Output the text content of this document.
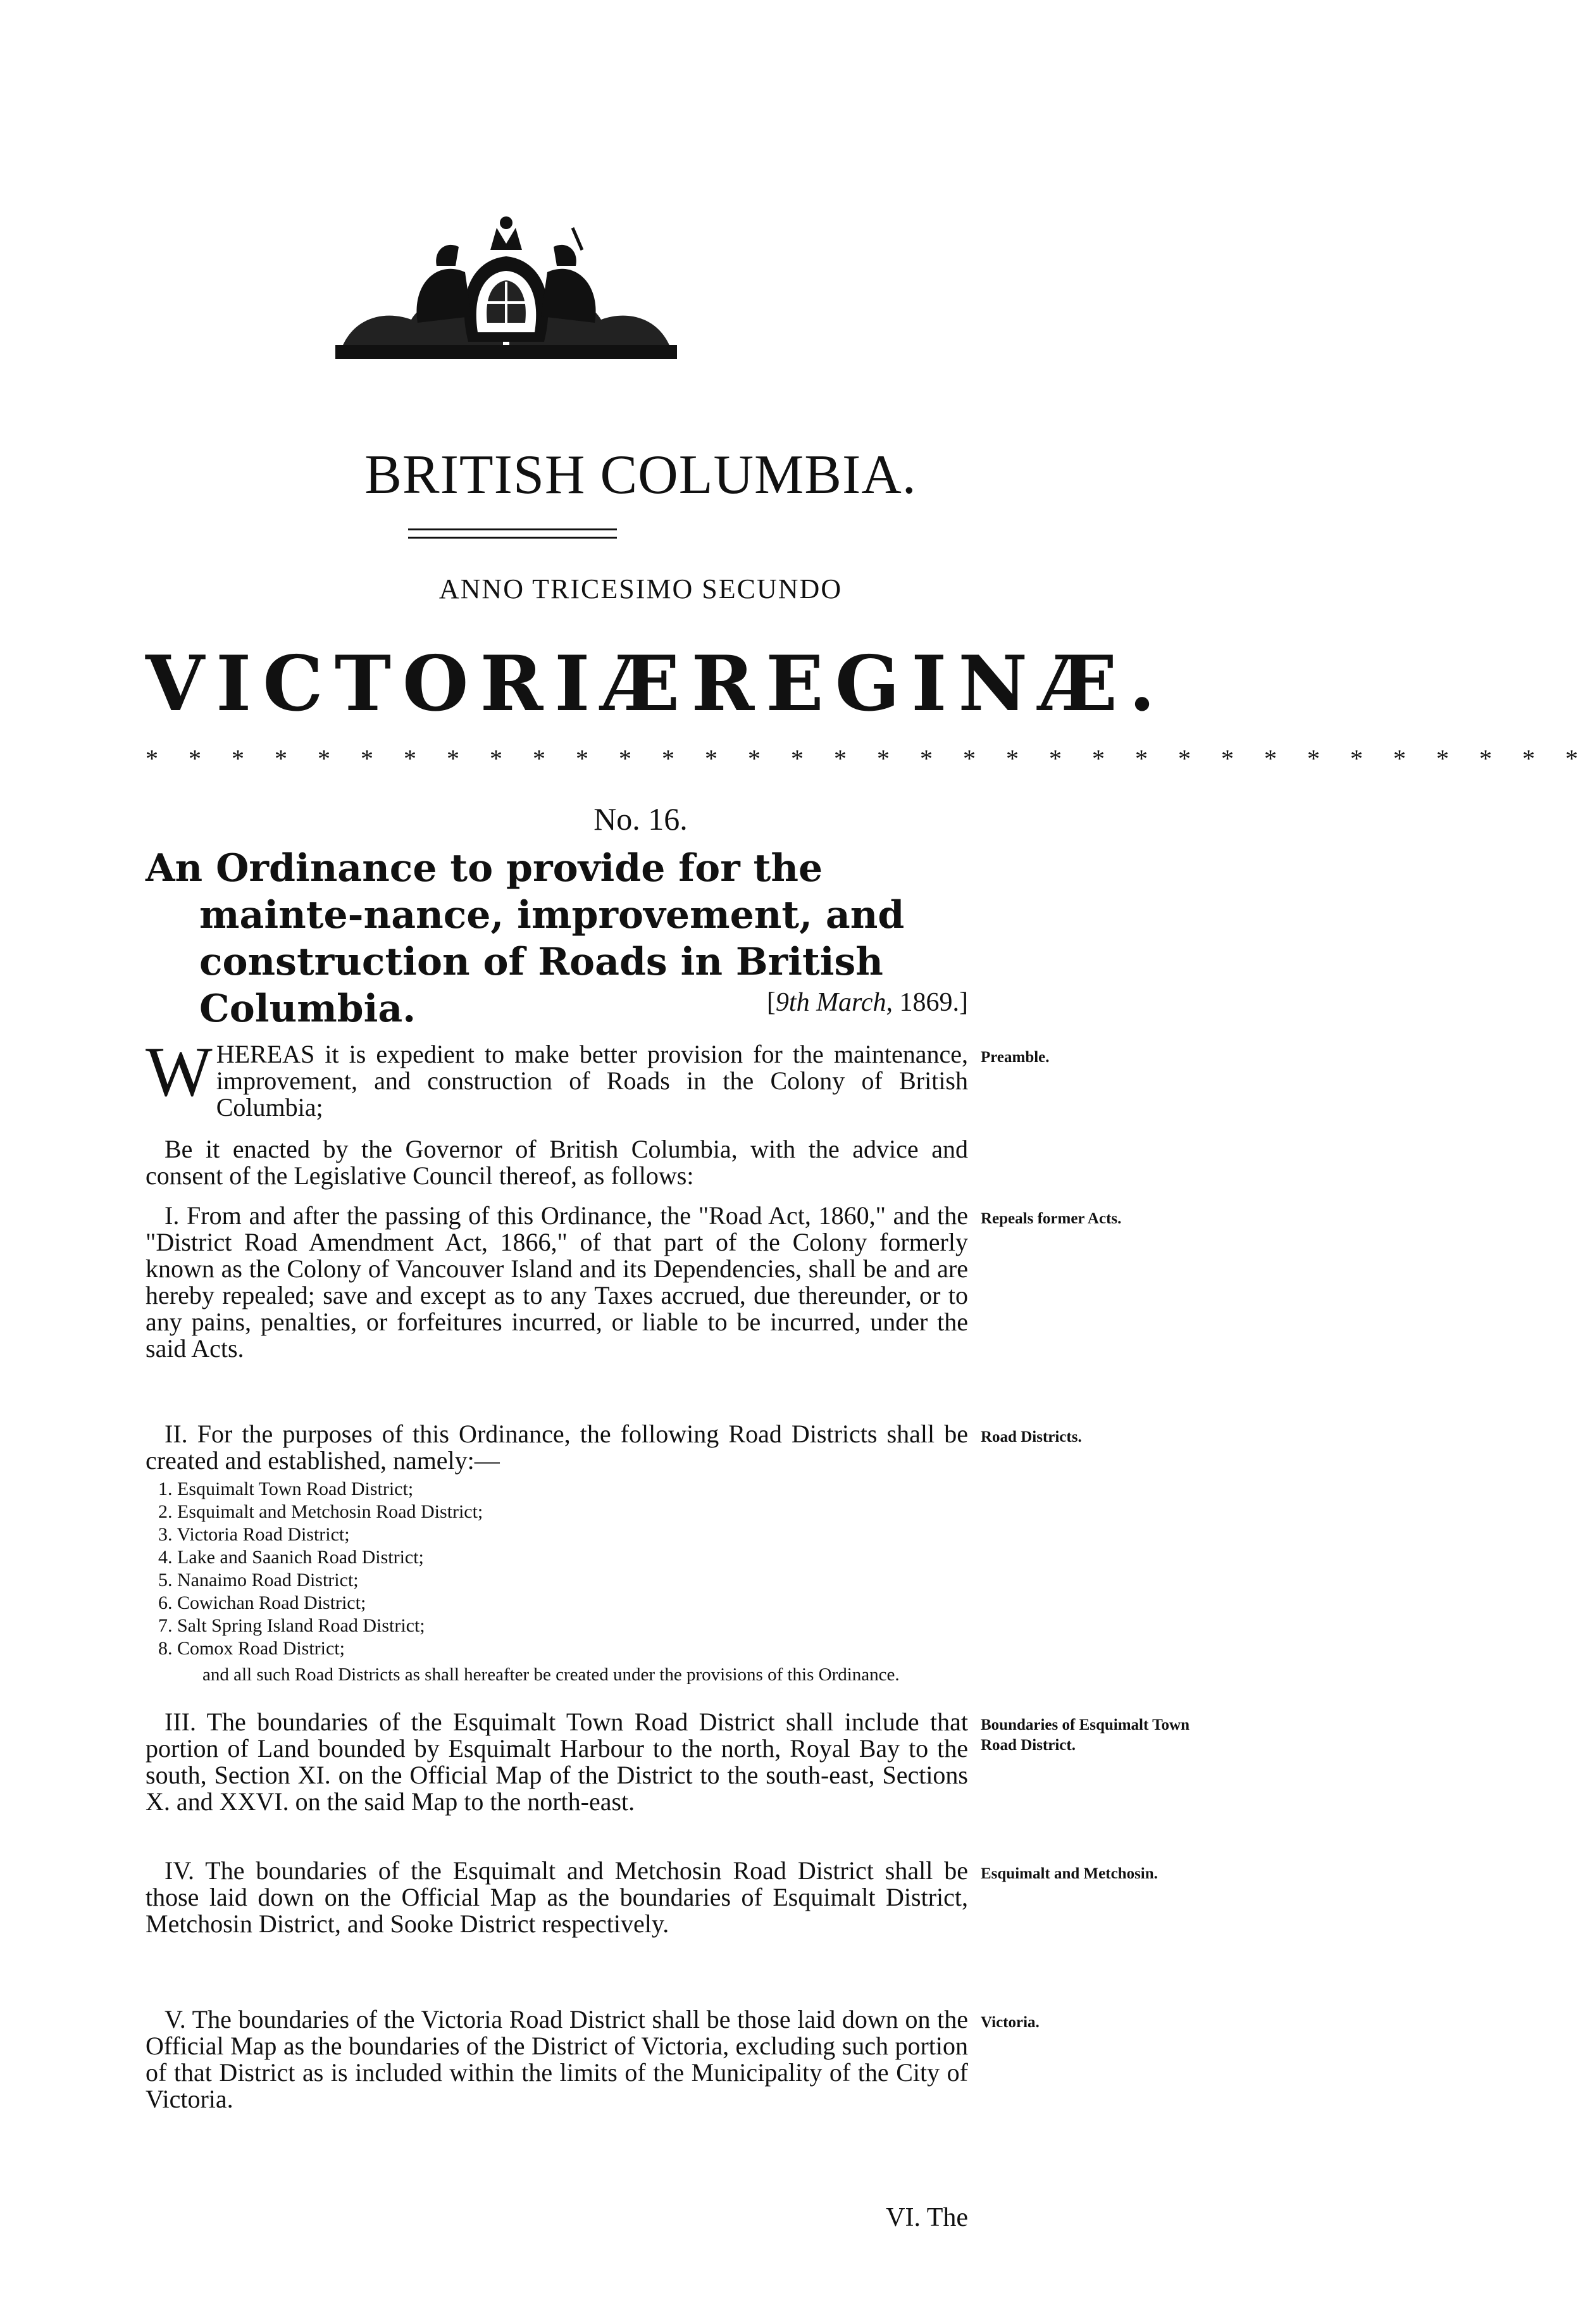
BRITISH COLUMBIA.
ANNO TRICESIMO SECUNDO
VICTORIÆ REGINÆ.
* * * * * * * * * * * * * * * * * * * * * * * * * * * * * * * * * *
No. 16.
An Ordinance to provide for the mainte-nance, improvement, and construction of Roads in British Columbia.	[9th March, 1869.]
W HEREAS it is expedient to make better provision for the maintenance, improvement, and construction of Roads in the Colony of British Columbia;

Preamble.
Be it enacted by the Governor of British Columbia, with the advice and consent of the Legislative Council thereof, as follows:
I. From and after the passing of this Ordinance, the "Road Act, 1860," and the "District Road Amendment Act, 1866," of that part of the Colony formerly known as the Colony of Vancouver Island and its Dependencies, shall be and are hereby repealed; save and except as to any Taxes accrued, due thereunder, or to any pains, penalties, or forfeitures incurred, or liable to be incurred, under the said Acts.
Repeals former Acts.
II. For the purposes of this Ordinance, the following Road Districts shall be created and established, namely:—
Road Districts.
1. Esquimalt Town Road District;
2. Esquimalt and Metchosin Road District;
3. Victoria Road District;
4. Lake and Saanich Road District;
5. Nanaimo Road District;
6. Cowichan Road District;
7. Salt Spring Island Road District;
8. Comox Road District;
and all such Road Districts as shall hereafter be created under the provisions of this Ordinance.
III. The boundaries of the Esquimalt Town Road District shall include that portion of Land bounded by Esquimalt Harbour to the north, Royal Bay to the south, Section XI. on the Official Map of the District to the south-east, Sections X. and XXVI. on the said Map to the north-east.
Boundaries of Esquimalt Town Road District.
IV. The boundaries of the Esquimalt and Metchosin Road District shall be those laid down on the Official Map as the boundaries of Esquimalt District, Metchosin District, and Sooke District respectively.
Esquimalt and Metchosin.
V. The boundaries of the Victoria Road District shall be those laid down on the Official Map as the boundaries of the District of Victoria, excluding such portion of that District as is included within the limits of the Municipality of the City of Victoria.
Victoria.
VI. The
